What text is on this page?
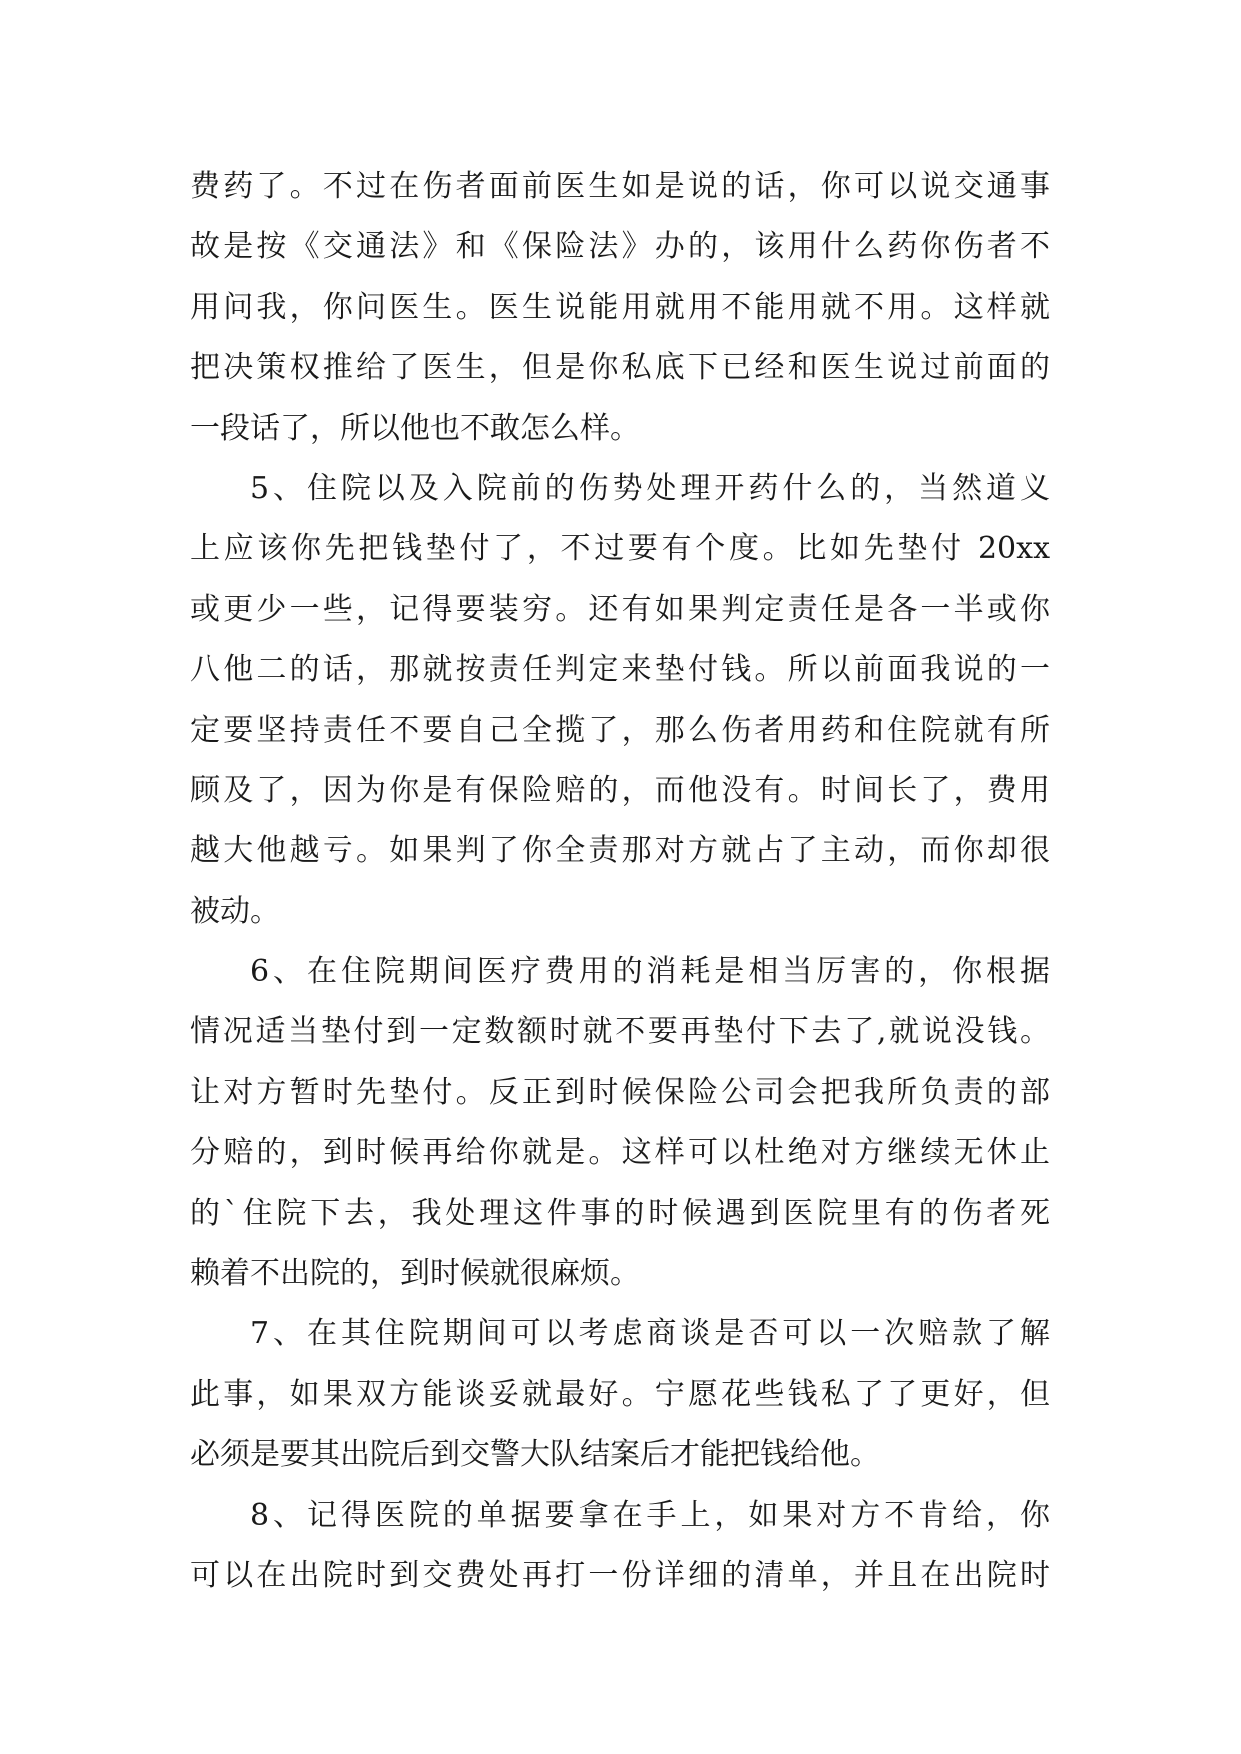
费药了。不过在伤者面前医生如是说的话，你可以说交通事
故是按《交通法》和《保险法》办的，该用什么药你伤者不
用问我，你问医生。医生说能用就用不能用就不用。这样就
把决策权推给了医生，但是你私底下已经和医生说过前面的
一段话了，所以他也不敢怎么样。
5、住院以及入院前的伤势处理开药什么的，当然道义
上应该你先把钱垫付了，不过要有个度。比如先垫付 20xx
或更少一些，记得要装穷。还有如果判定责任是各一半或你
八他二的话，那就按责任判定来垫付钱。所以前面我说的一
定要坚持责任不要自己全揽了，那么伤者用药和住院就有所
顾及了，因为你是有保险赔的，而他没有。时间长了，费用
越大他越亏。如果判了你全责那对方就占了主动，而你却很
被动。
6、在住院期间医疗费用的消耗是相当厉害的，你根据
情况适当垫付到一定数额时就不要再垫付下去了,就说没钱。
让对方暂时先垫付。反正到时候保险公司会把我所负责的部
分赔的，到时候再给你就是。这样可以杜绝对方继续无休止
的`住院下去，我处理这件事的时候遇到医院里有的伤者死
赖着不出院的，到时候就很麻烦。
7、在其住院期间可以考虑商谈是否可以一次赔款了解
此事，如果双方能谈妥就最好。宁愿花些钱私了了更好，但
必须是要其出院后到交警大队结案后才能把钱给他。
8、记得医院的单据要拿在手上，如果对方不肯给，你
可以在出院时到交费处再打一份详细的清单，并且在出院时
